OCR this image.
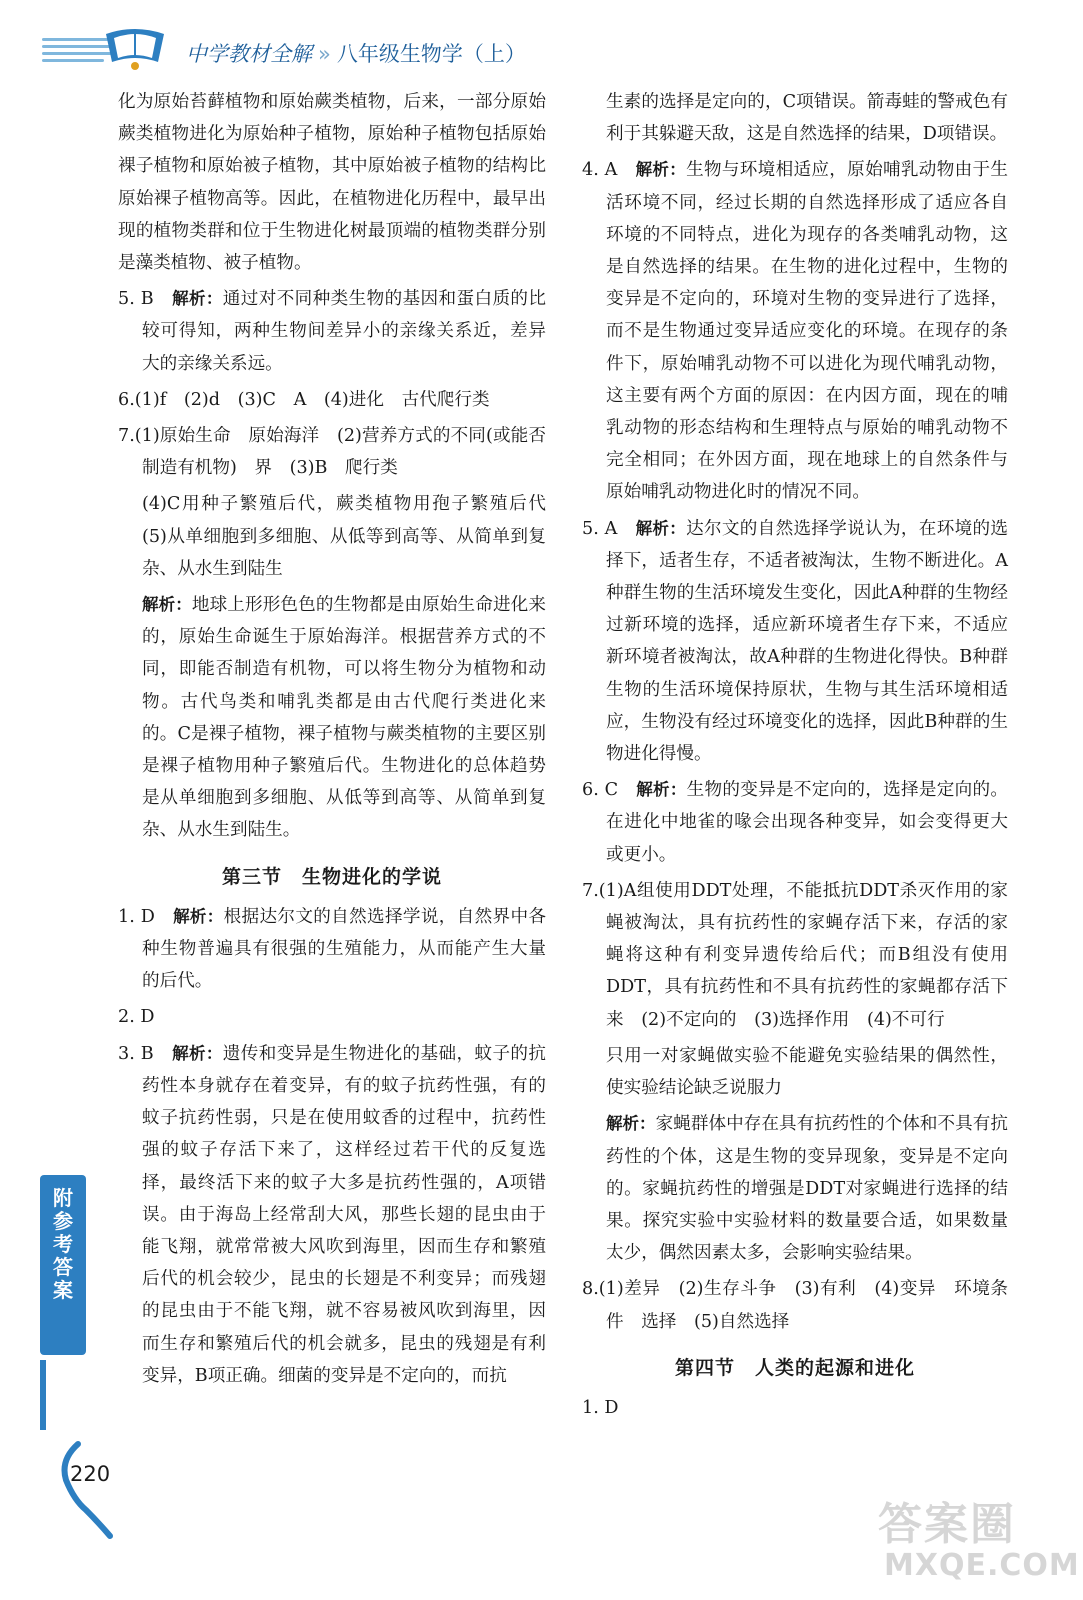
中学教材全解 » 八年级生物学（上）

化为原始苔藓植物和原始蕨类植物，后来，一部分原始蕨类植物进化为原始种子植物，原始种子植物包括原始裸子植物和原始被子植物，其中原始被子植物的结构比原始裸子植物高等。因此，在植物进化历程中，最早出现的植物类群和位于生物进化树最顶端的植物类群分别是藻类植物、被子植物。

5. B　 解析：通过对不同种类生物的基因和蛋白质的比较可得知，两种生物间差异小的亲缘关系近，差异大的亲缘关系远。

6.(1)f　(2)d　(3)C　A　(4)进化　古代爬行类

7.(1)原始生命　原始海洋　(2)营养方式的不同(或能否制造有机物)　界　(3)B　爬行类

(4)C用种子繁殖后代，蕨类植物用孢子繁殖后代　(5)从单细胞到多细胞、从低等到高等、从简单到复杂、从水生到陆生

解析：地球上形形色色的生物都是由原始生命进化来的，原始生命诞生于原始海洋。根据营养方式的不同，即能否制造有机物，可以将生物分为植物和动物。古代鸟类和哺乳类都是由古代爬行类进化来的。C是裸子植物，裸子植物与蕨类植物的主要区别是裸子植物用种子繁殖后代。生物进化的总体趋势是从单细胞到多细胞、从低等到高等、从简单到复杂、从水生到陆生。

第三节　生物进化的学说

1. D　 解析：根据达尔文的自然选择学说，自然界中各种生物普遍具有很强的生殖能力，从而能产生大量的后代。

2. D

3. B　 解析：遗传和变异是生物进化的基础，蚊子的抗药性本身就存在着变异，有的蚊子抗药性强，有的蚊子抗药性弱，只是在使用蚊香的过程中，抗药性强的蚊子存活下来了，这样经过若干代的反复选择，最终活下来的蚊子大多是抗药性强的，A项错误。由于海岛上经常刮大风，那些长翅的昆虫由于能飞翔，就常常被大风吹到海里，因而生存和繁殖后代的机会较少，昆虫的长翅是不利变异；而残翅的昆虫由于不能飞翔，就不容易被风吹到海里，因而生存和繁殖后代的机会就多，昆虫的残翅是有利变异，B项正确。细菌的变异是不定向的，而抗

生素的选择是定向的，C项错误。箭毒蛙的警戒色有利于其躲避天敌，这是自然选择的结果，D项错误。

4. A　 解析：生物与环境相适应，原始哺乳动物由于生活环境不同，经过长期的自然选择形成了适应各自环境的不同特点，进化为现存的各类哺乳动物，这是自然选择的结果。在生物的进化过程中，生物的变异是不定向的，环境对生物的变异进行了选择，而不是生物通过变异适应变化的环境。在现存的条件下，原始哺乳动物不可以进化为现代哺乳动物，这主要有两个方面的原因：在内因方面，现在的哺乳动物的形态结构和生理特点与原始的哺乳动物不完全相同；在外因方面，现在地球上的自然条件与原始哺乳动物进化时的情况不同。

5. A　 解析：达尔文的自然选择学说认为，在环境的选择下，适者生存，不适者被淘汰，生物不断进化。A种群生物的生活环境发生变化，因此A种群的生物经过新环境的选择，适应新环境者生存下来，不适应新环境者被淘汰，故A种群的生物进化得快。B种群生物的生活环境保持原状，生物与其生活环境相适应，生物没有经过环境变化的选择，因此B种群的生物进化得慢。

6. C　 解析：生物的变异是不定向的，选择是定向的。在进化中地雀的喙会出现各种变异，如会变得更大或更小。

7.(1)A组使用DDT处理，不能抵抗DDT杀灭作用的家蝇被淘汰，具有抗药性的家蝇存活下来，存活的家蝇将这种有利变异遗传给后代；而B组没有使用DDT，具有抗药性和不具有抗药性的家蝇都存活下来　(2)不定向的　(3)选择作用　(4)不可行

只用一对家蝇做实验不能避免实验结果的偶然性，使实验结论缺乏说服力

解析：家蝇群体中存在具有抗药性的个体和不具有抗药性的个体，这是生物的变异现象，变异是不定向的。家蝇抗药性的增强是DDT对家蝇进行选择的结果。探究实验中实验材料的数量要合适，如果数量太少，偶然因素太多，会影响实验结果。

8.(1)差异　(2)生存斗争　(3)有利　(4)变异　环境条件　选择　(5)自然选择

第四节　人类的起源和进化

1. D

附参考答案
220
答案圈
MXQE.COM
